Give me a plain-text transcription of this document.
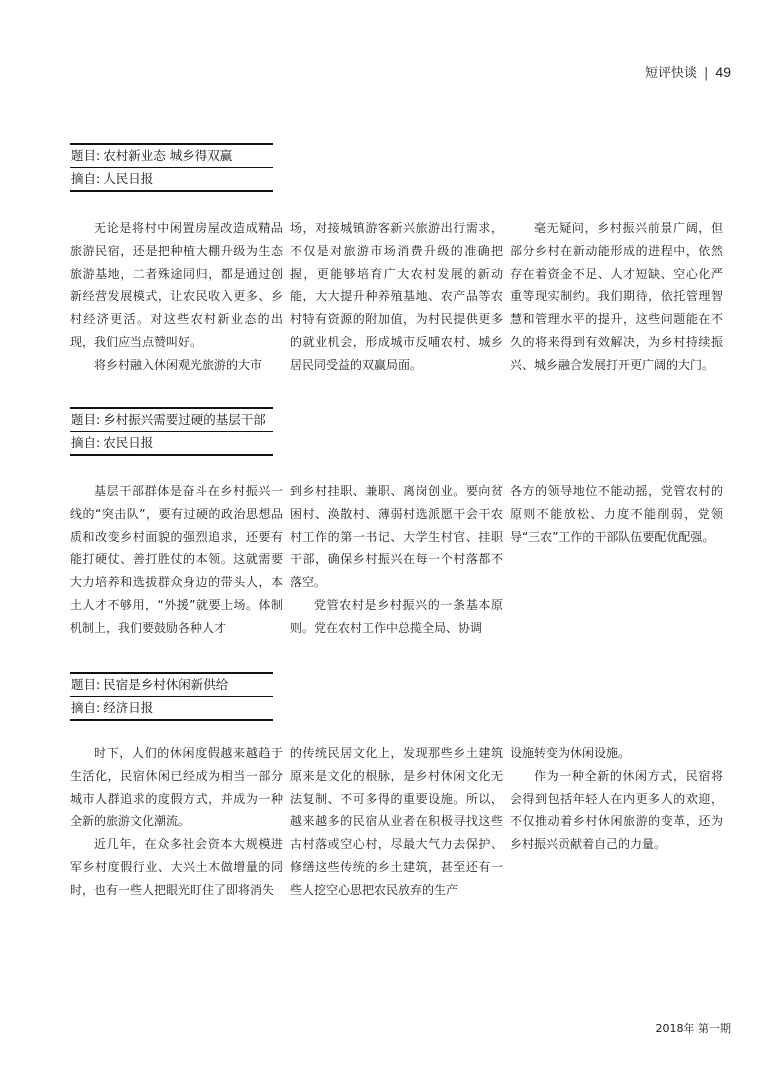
短评快谈 | 49
题目: 农村新业态 城乡得双赢
摘自: 人民日报

无论是将村中闲置房屋改造成精品旅游民宿，还是把种植大棚升级为生态旅游基地，二者殊途同归，都是通过创新经营发展模式，让农民收入更多、乡村经济更活。对这些农村新业态的出现，我们应当点赞叫好。

将乡村融入休闲观光旅游的大市

场，对接城镇游客新兴旅游出行需求，不仅是对旅游市场消费升级的准确把握，更能够培育广大农村发展的新动能，大大提升种养殖基地、农产品等农村特有资源的附加值，为村民提供更多的就业机会，形成城市反哺农村、城乡居民同受益的双赢局面。

毫无疑问，乡村振兴前景广阔，但部分乡村在新动能形成的进程中，依然存在着资金不足、人才短缺、空心化严重等现实制约。我们期待，依托管理智慧和管理水平的提升，这些问题能在不久的将来得到有效解决，为乡村持续振兴、城乡融合发展打开更广阔的大门。

题目: 乡村振兴需要过硬的基层干部
摘自: 农民日报

基层干部群体是奋斗在乡村振兴一线的“突击队”，要有过硬的政治思想品质和改变乡村面貌的强烈追求，还要有能打硬仗、善打胜仗的本领。这就需要大力培养和选拔群众身边的带头人，本土人才不够用，“外援”就要上场。体制机制上，我们要鼓励各种人才

到乡村挂职、兼职、离岗创业。要向贫困村、涣散村、薄弱村选派愿干会干农村工作的第一书记、大学生村官、挂职干部，确保乡村振兴在每一个村落都不落空。

党管农村是乡村振兴的一条基本原则。党在农村工作中总揽全局、协调

各方的领导地位不能动摇，党管农村的原则不能放松、力度不能削弱，党领导“三农”工作的干部队伍要配优配强。

题目: 民宿是乡村休闲新供给
摘自: 经济日报

时下，人们的休闲度假越来越趋于生活化，民宿休闲已经成为相当一部分城市人群追求的度假方式，并成为一种全新的旅游文化潮流。

近几年，在众多社会资本大规模进军乡村度假行业、大兴土木做增量的同时，也有一些人把眼光盯住了即将消失

的传统民居文化上，发现那些乡土建筑原来是文化的根脉，是乡村休闲文化无法复制、不可多得的重要设施。所以，越来越多的民宿从业者在积极寻找这些古村落或空心村，尽最大气力去保护、修缮这些传统的乡土建筑，甚至还有一些人挖空心思把农民放弃的生产

设施转变为休闲设施。

作为一种全新的休闲方式，民宿将会得到包括年轻人在内更多人的欢迎，不仅推动着乡村休闲旅游的变革，还为乡村振兴贡献着自己的力量。

2018年 第一期
